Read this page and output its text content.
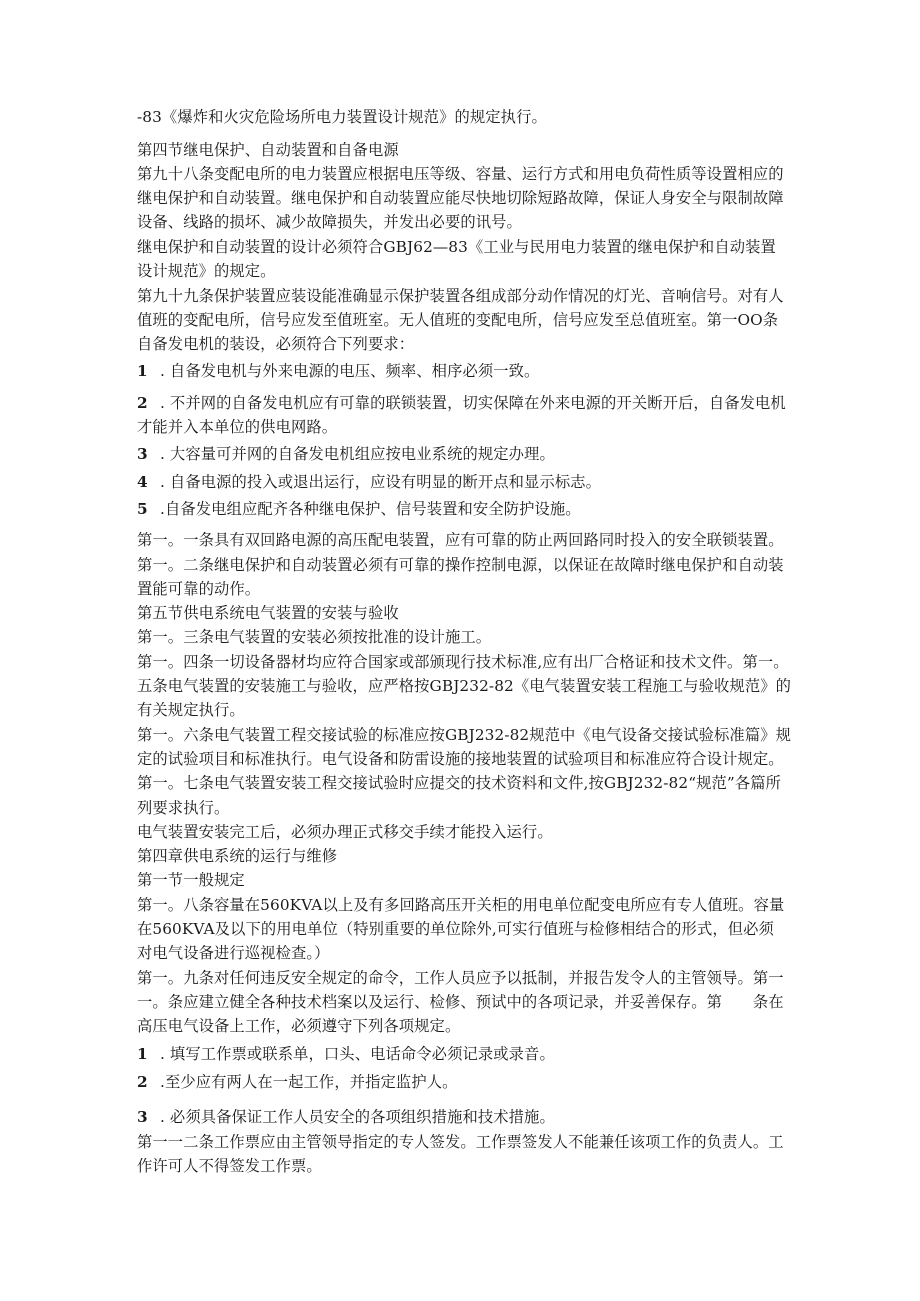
-83《爆炸和火灾危险场所电力装置设计规范》的规定执行。
第四节继电保护、自动装置和自备电源
第九十八条变配电所的电力装置应根据电压等级、容量、运行方式和用电负荷性质等设置相应的
继电保护和自动装置。继电保护和自动装置应能尽快地切除短路故障，保证人身安全与限制故障
设备、线路的损坏、减少故障损失，并发出必要的讯号。
继电保护和自动装置的设计必须符合GBJ62—83《工业与民用电力装置的继电保护和自动装置
设计规范》的规定。
第九十九条保护装置应装设能准确显示保护装置各组成部分动作情况的灯光、音响信号。对有人
值班的变配电所，信号应发至值班室。无人值班的变配电所，信号应发至总值班室。第一OO条
自备发电机的装设，必须符合下列要求：
1 . 自备发电机与外来电源的电压、频率、相序必须一致。
2 . 不并网的自备发电机应有可靠的联锁装置，切实保障在外来电源的开关断开后，自备发电机
才能并入本单位的供电网路。
3 . 大容量可并网的自备发电机组应按电业系统的规定办理。
4 . 自备电源的投入或退出运行，应设有明显的断开点和显示标志。
5 .自备发电组应配齐各种继电保护、信号装置和安全防护设施。
第一。一条具有双回路电源的高压配电装置，应有可靠的防止两回路同时投入的安全联锁装置。
第一。二条继电保护和自动装置必须有可靠的操作控制电源，以保证在故障时继电保护和自动装
置能可靠的动作。
第五节供电系统电气装置的安装与验收
第一。三条电气装置的安装必须按批准的设计施工。
第一。四条一切设备器材均应符合国家或部颁现行技术标准,应有出厂合格证和技术文件。第一。
五条电气装置的安装施工与验收，应严格按GBJ232-82《电气装置安装工程施工与验收规范》的
有关规定执行。
第一。六条电气装置工程交接试验的标准应按GBJ232-82规范中《电气设备交接试验标准篇》规
定的试验项目和标准执行。电气设备和防雷设施的接地装置的试验项目和标准应符合设计规定。
第一。七条电气装置安装工程交接试验时应提交的技术资料和文件,按GBJ232-82“规范”各篇所
列要求执行。
电气装置安装完工后，必须办理正式移交手续才能投入运行。
第四章供电系统的运行与维修
第一节一般规定
第一。八条容量在560KVA以上及有多回路高压开关柜的用电单位配变电所应有专人值班。容量
在560KVA及以下的用电单位（特别重要的单位除外,可实行值班与检修相结合的形式，但必须
对电气设备进行巡视检查。）
第一。九条对任何违反安全规定的命令，工作人员应予以抵制，并报告发令人的主管领导。第一
一。条应建立健全各种技术档案以及运行、检修、预试中的各项记录，并妥善保存。第　　条在
高压电气设备上工作，必须遵守下列各项规定。
1 . 填写工作票或联系单，口头、电话命令必须记录或录音。
2 .至少应有两人在一起工作，并指定监护人。
3 . 必须具备保证工作人员安全的各项组织措施和技术措施。
第一一二条工作票应由主管领导指定的专人签发。工作票签发人不能兼任该项工作的负责人。工
作许可人不得签发工作票。
